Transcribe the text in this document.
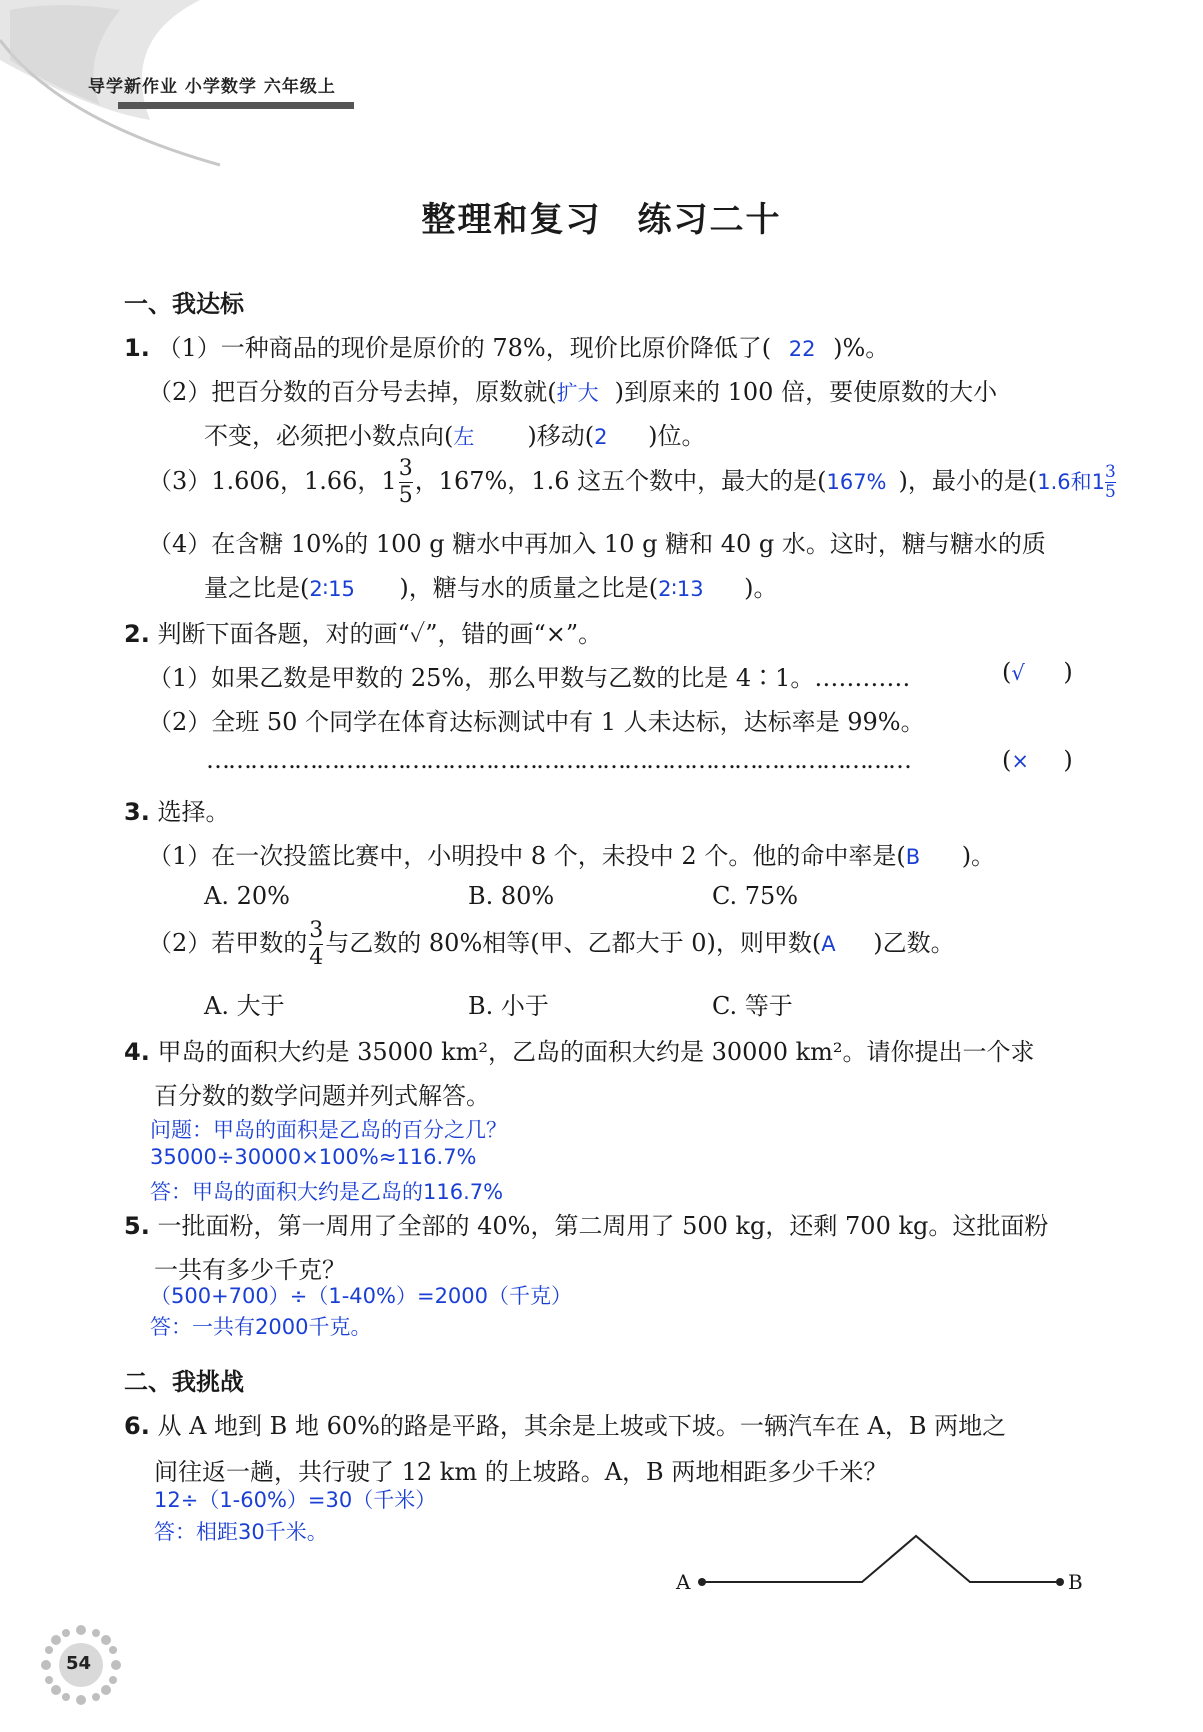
导学新作业 小学数学 六年级上
整理和复习　练习二十
一、我达标
1. （1）一种商品的现价是原价的 78%，现价比原价降低了( 22 )%。
（2）把百分数的百分号去掉，原数就(扩大 )到原来的 100 倍，要使原数的大小
不变，必须把小数点向(左 )移动(2 )位。
（3）1.606，1.66，$1 \frac{3}{5}$ ，167%，1.6 这五个数中，最大的是(167% )，最小的是(1.6和$1 \frac{3}{5}$
（4）在含糖 10%的 100 g 糖水中再加入 10 g 糖和 40 g 水。这时，糖与糖水的质
量之比是(2∶15 )，糖与水的质量之比是(2∶13 )。
2. 判断下面各题，对的画“✓”，错的画“×”。
（1）如果乙数是甲数的 25%，那么甲数与乙数的比是 4∶1。…………	(√ )
（2）全班 50 个同学在体育达标测试中有 1 人未达标，达标率是 99%。
……………………………………………………………………………………	(× )
3. 选择。
（1）在一次投篮比赛中，小明投中 8 个，未投中 2 个。他的命中率是(B )。
A. 20%	B. 80%	C. 75%
（2）若甲数的 $\frac{3}{4}$ 与乙数的 80%相等(甲、乙都大于 0)，则甲数(A )乙数。
A. 大于	B. 小于	C. 等于
4. 甲岛的面积大约是 35000 km²，乙岛的面积大约是 30000 km²。请你提出一个求
百分数的数学问题并列式解答。
问题：甲岛的面积是乙岛的百分之几？
35000÷30000×100%≈116.7%
答：甲岛的面积大约是乙岛的116.7%
5. 一批面粉，第一周用了全部的 40%，第二周用了 500 kg，还剩 700 kg。这批面粉
一共有多少千克？
（500+700）÷（1-40%）=2000（千克）
答：一共有2000千克。
二、我挑战
6. 从 A 地到 B 地 60%的路是平路，其余是上坡或下坡。一辆汽车在 A，B 两地之
间往返一趟，共行驶了 12 km 的上坡路。A，B 两地相距多少千米？
12÷（1-60%）=30（千米）
答：相距30千米。
A	B
54
